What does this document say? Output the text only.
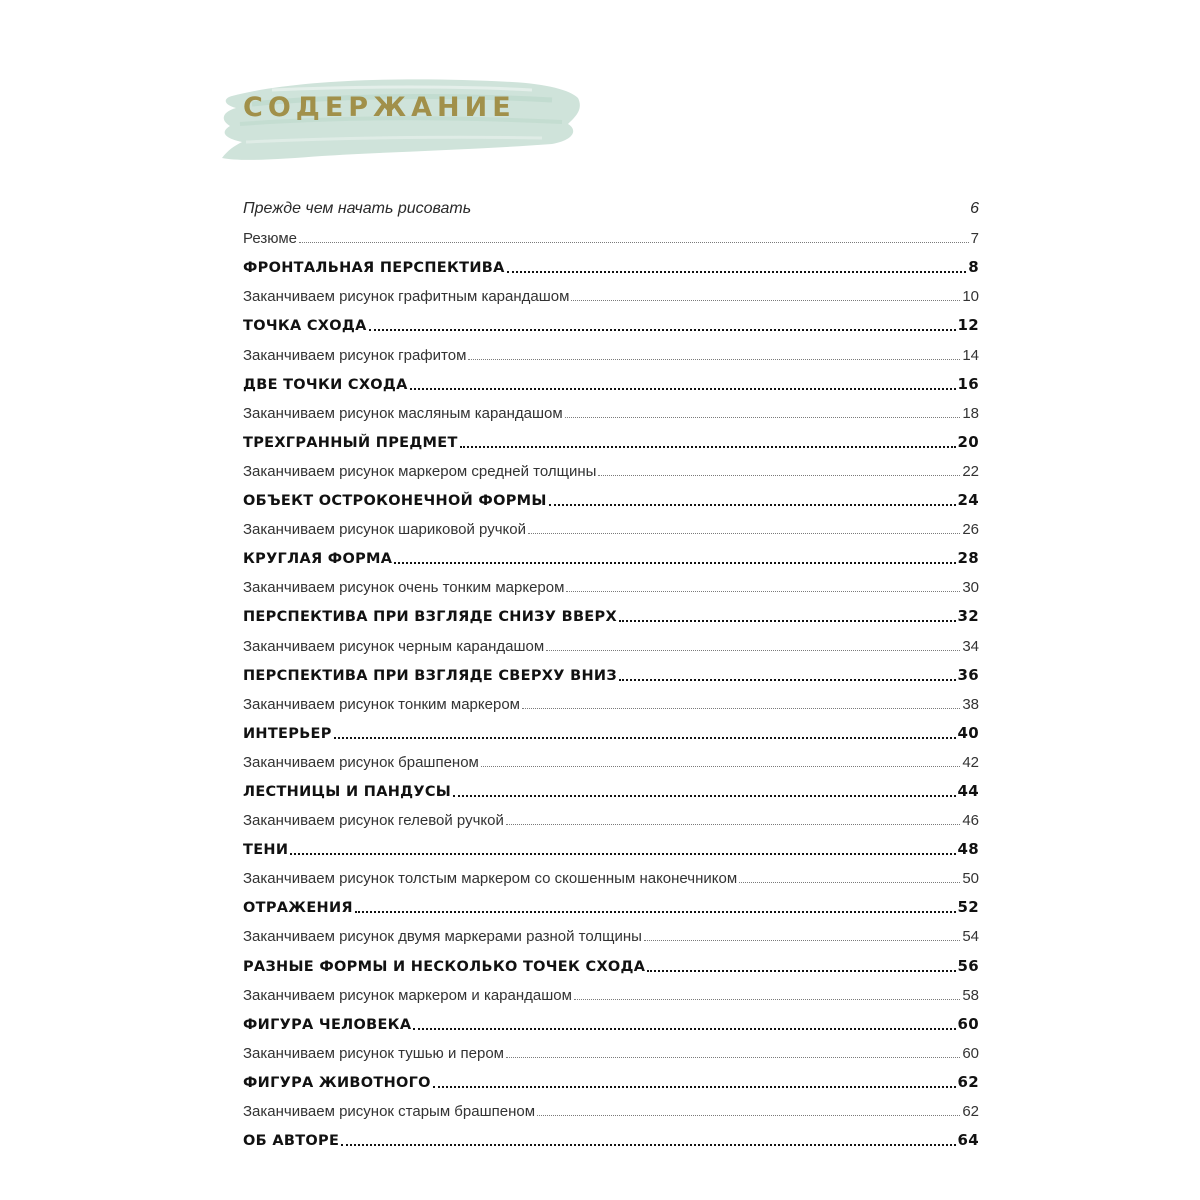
СОДЕРЖАНИЕ
Прежде чем начать рисовать	6
Резюме	7
ФРОНТАЛЬНАЯ ПЕРСПЕКТИВА	8
Заканчиваем рисунок графитным карандашом	10
ТОЧКА СХОДА	12
Заканчиваем рисунок графитом	14
ДВЕ ТОЧКИ СХОДА	16
Заканчиваем рисунок масляным карандашом	18
ТРЕХГРАННЫЙ ПРЕДМЕТ	20
Заканчиваем рисунок маркером средней толщины	22
ОБЪЕКТ ОСТРОКОНЕЧНОЙ ФОРМЫ	24
Заканчиваем рисунок шариковой ручкой	26
КРУГЛАЯ ФОРМА	28
Заканчиваем рисунок очень тонким маркером	30
ПЕРСПЕКТИВА ПРИ ВЗГЛЯДЕ СНИЗУ ВВЕРХ	32
Заканчиваем рисунок черным карандашом	34
ПЕРСПЕКТИВА ПРИ ВЗГЛЯДЕ СВЕРХУ ВНИЗ	36
Заканчиваем рисунок тонким маркером	38
ИНТЕРЬЕР	40
Заканчиваем рисунок брашпеном	42
ЛЕСТНИЦЫ И ПАНДУСЫ	44
Заканчиваем рисунок гелевой ручкой	46
ТЕНИ	48
Заканчиваем рисунок толстым маркером со скошенным наконечником	50
ОТРАЖЕНИЯ	52
Заканчиваем рисунок двумя маркерами разной толщины	54
РАЗНЫЕ ФОРМЫ И НЕСКОЛЬКО ТОЧЕК СХОДА	56
Заканчиваем рисунок маркером и карандашом	58
ФИГУРА ЧЕЛОВЕКА	60
Заканчиваем рисунок тушью и пером	60
ФИГУРА ЖИВОТНОГО	62
Заканчиваем рисунок старым брашпеном	62
ОБ АВТОРЕ	64
